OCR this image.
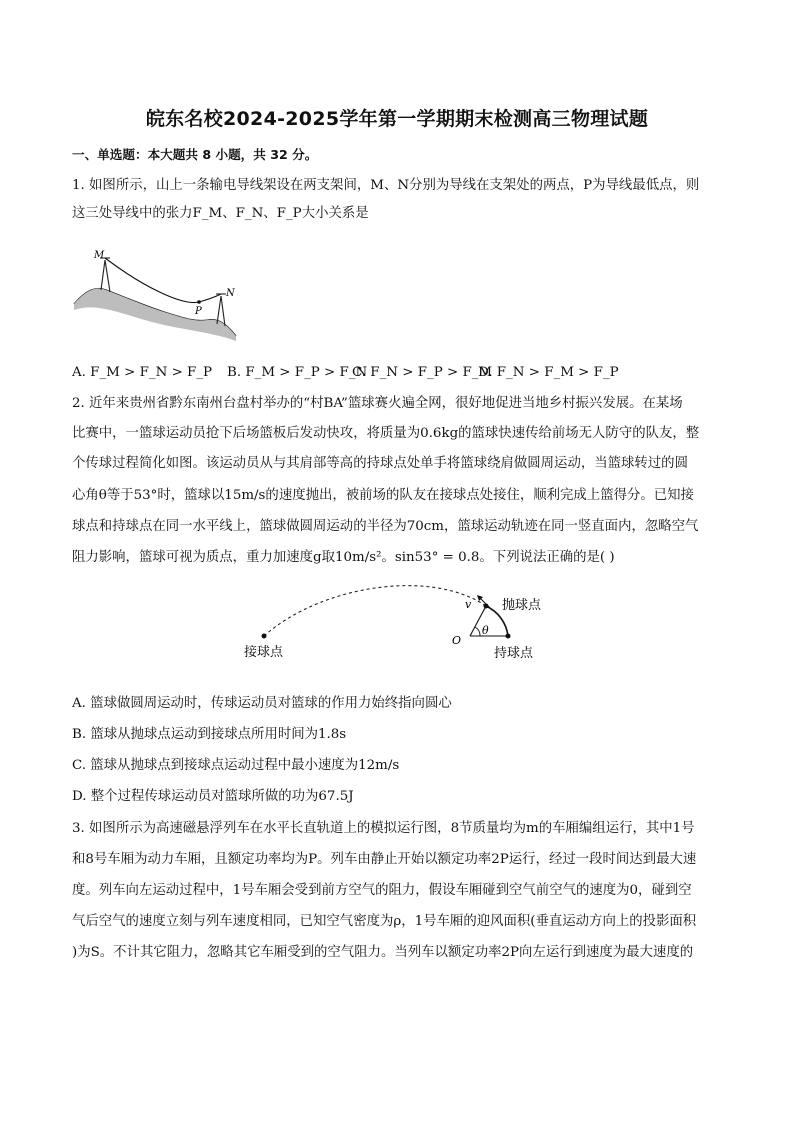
皖东名校2024-2025学年第一学期期末检测高三物理试题
一、单选题：本大题共 8 小题，共 32 分。
1. 如图所示，山上一条输电导线架设在两支架间，M、N分别为导线在支架处的两点，P为导线最低点，则
这三处导线中的张力F_M、F_N、F_P大小关系是
M
N
P
A. F_M > F_N > F_P B. F_M > F_P > F_N
C. F_N > F_P > F_M
D. F_N > F_M > F_P
2. 近年来贵州省黔东南州台盘村举办的“村BA”篮球赛火遍全网，很好地促进当地乡村振兴发展。在某场
比赛中，一篮球运动员抢下后场篮板后发动快攻，将质量为0.6kg的篮球快速传给前场无人防守的队友，整
个传球过程简化如图。该运动员从与其肩部等高的持球点处单手将篮球绕肩做圆周运动，当篮球转过的圆
心角θ等于53°时，篮球以15m/s的速度抛出，被前场的队友在接球点处接住，顺利完成上篮得分。已知接
球点和持球点在同一水平线上，篮球做圆周运动的半径为70cm，篮球运动轨迹在同一竖直面内，忽略空气
阻力影响，篮球可视为质点，重力加速度g取10m/s²。sin53° = 0.8。下列说法正确的是( )
O
θ
v 抛球点
持球点
接球点
A. 篮球做圆周运动时，传球运动员对篮球的作用力始终指向圆心
B. 篮球从抛球点运动到接球点所用时间为1.8s
C. 篮球从抛球点到接球点运动过程中最小速度为12m/s
D. 整个过程传球运动员对篮球所做的功为67.5J
3. 如图所示为高速磁悬浮列车在水平长直轨道上的模拟运行图，8节质量均为m的车厢编组运行，其中1号
和8号车厢为动力车厢，且额定功率均为P。列车由静止开始以额定功率2P运行，经过一段时间达到最大速
度。列车向左运动过程中，1号车厢会受到前方空气的阻力，假设车厢碰到空气前空气的速度为0，碰到空
气后空气的速度立刻与列车速度相同，已知空气密度为ρ，1号车厢的迎风面积(垂直运动方向上的投影面积
)为S。不计其它阻力，忽略其它车厢受到的空气阻力。当列车以额定功率2P向左运行到速度为最大速度的
